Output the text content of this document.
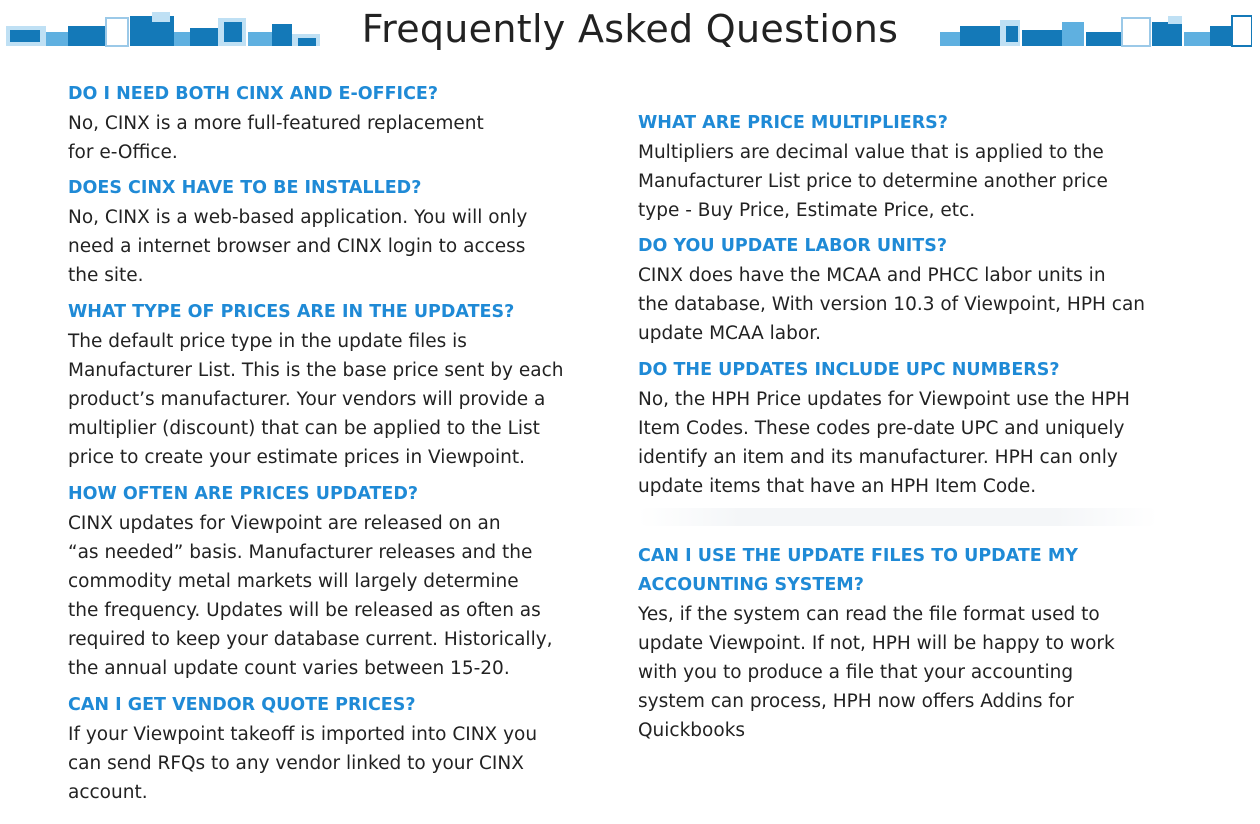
Frequently Asked Questions
DO I NEED BOTH CINX AND E-OFFICE?
No, CINX is a more full-featured replacement
for e-Office.
DOES CINX HAVE TO BE INSTALLED?
No, CINX is a web-based application. You will only
need a internet browser and CINX login to access
the site.
WHAT TYPE OF PRICES ARE IN THE UPDATES?
The default price type in the update files is
Manufacturer List. This is the base price sent by each
product’s manufacturer. Your vendors will provide a
multiplier (discount) that can be applied to the List
price to create your estimate prices in Viewpoint.
HOW OFTEN ARE PRICES UPDATED?
CINX updates for Viewpoint are released on an
“as needed” basis. Manufacturer releases and the
commodity metal markets will largely determine
the frequency. Updates will be released as often as
required to keep your database current. Historically,
the annual update count varies between 15-20.
CAN I GET VENDOR QUOTE PRICES?
If your Viewpoint takeoff is imported into CINX you
can send RFQs to any vendor linked to your CINX
account.
WHAT ARE PRICE MULTIPLIERS?
Multipliers are decimal value that is applied to the
Manufacturer List price to determine another price
type - Buy Price, Estimate Price, etc.
DO YOU UPDATE LABOR UNITS?
CINX does have the MCAA and PHCC labor units in
the database, With version 10.3 of Viewpoint, HPH can
update MCAA labor.
DO THE UPDATES INCLUDE UPC NUMBERS?
No, the HPH Price updates for Viewpoint use the HPH
Item Codes. These codes pre-date UPC and uniquely
identify an item and its manufacturer. HPH can only
update items that have an HPH Item Code.
CAN I USE THE UPDATE FILES TO UPDATE MY
ACCOUNTING SYSTEM?
Yes, if the system can read the file format used to
update Viewpoint. If not, HPH will be happy to work
with you to produce a file that your accounting
system can process, HPH now offers Addins for
Quickbooks
